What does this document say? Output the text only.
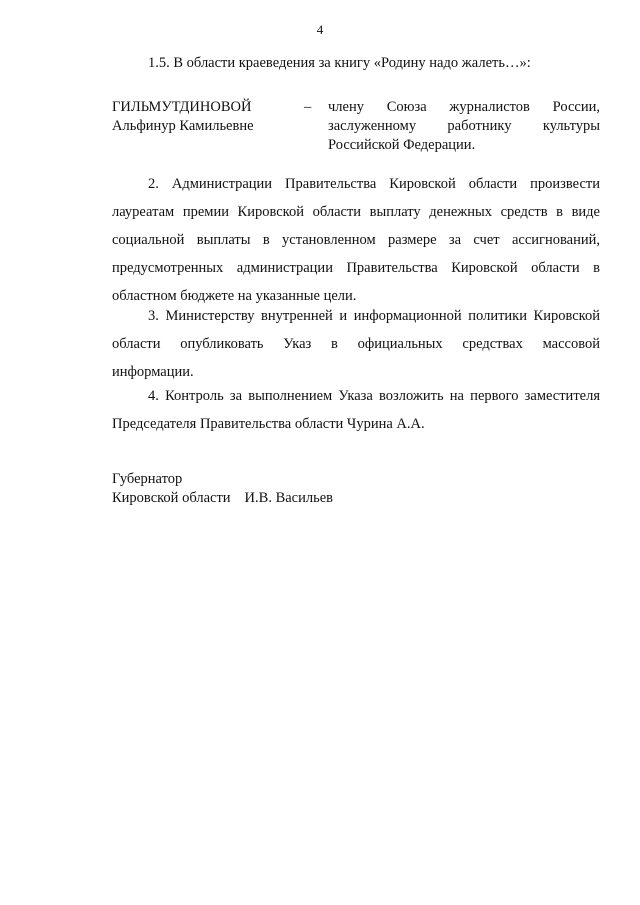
4
1.5. В области краеведения за книгу «Родину надо жалеть…»:
ГИЛЬМУТДИНОВОЙ
Альфинур Камильевне
– члену Союза журналистов России,
заслуженному работнику культуры
Российской Федерации.
2. Администрации Правительства Кировской области произвести
лауреатам премии Кировской области выплату денежных средств в виде
социальной выплаты в установленном размере за счет ассигнований,
предусмотренных администрации Правительства Кировской области в
областном бюджете на указанные цели.
3. Министерству внутренней и информационной политики Кировской
области опубликовать Указ в официальных средствах массовой
информации.
4. Контроль за выполнением Указа возложить на первого заместителя
Председателя Правительства области Чурина А.А.
Губернатор
Кировской области И.В. Васильев
